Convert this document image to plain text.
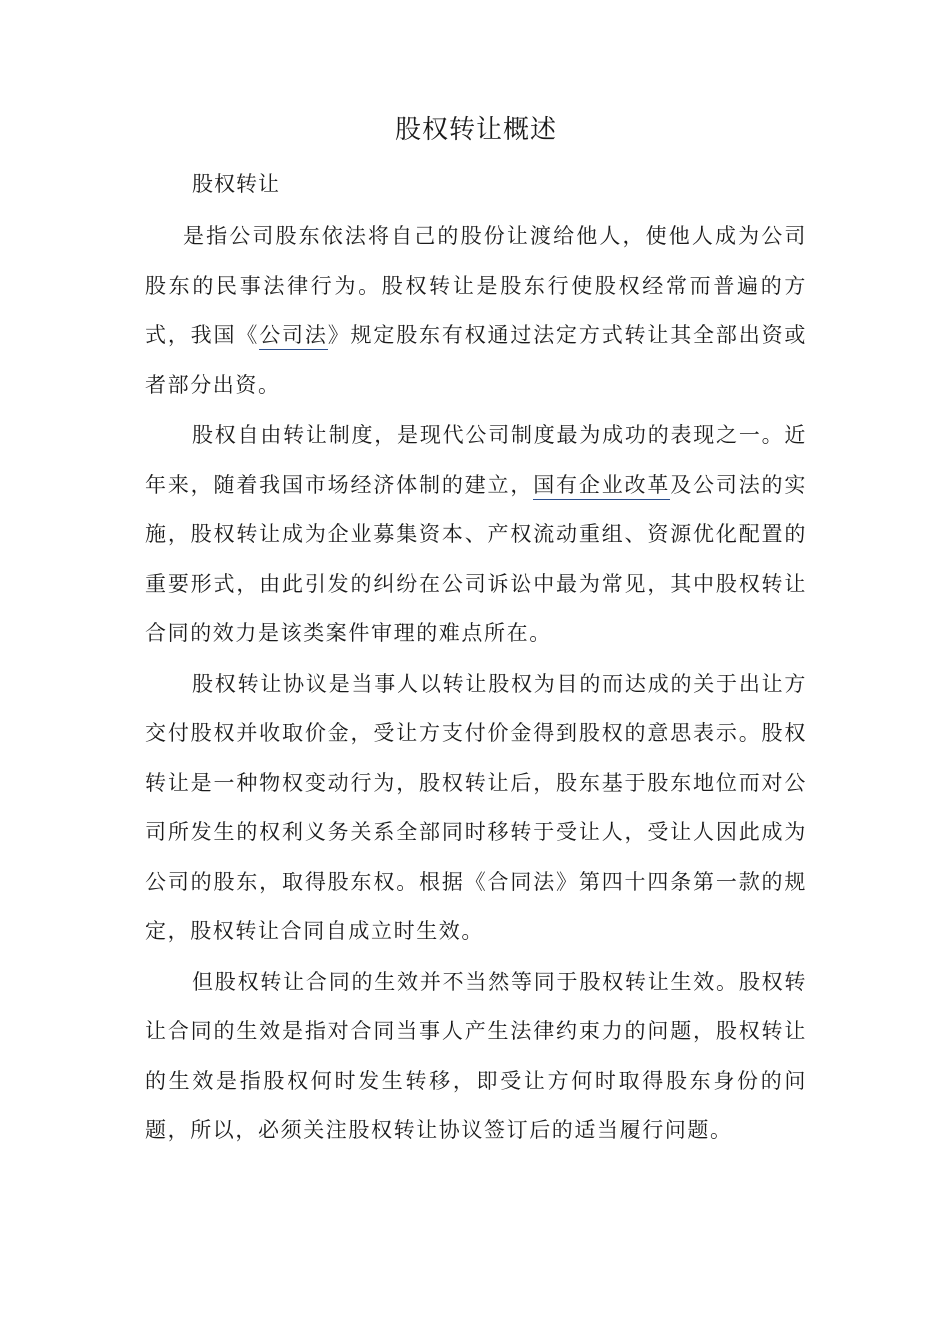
股权转让概述
股权转让

是指公司股东依法将自己的股份让渡给他人，使他人成为公司股东的民事法律行为。股权转让是股东行使股权经常而普遍的方式，我国《公司法》规定股东有权通过法定方式转让其全部出资或者部分出资。

股权自由转让制度，是现代公司制度最为成功的表现之一。近年来，随着我国市场经济体制的建立，国有企业改革及公司法的实施，股权转让成为企业募集资本、产权流动重组、资源优化配置的重要形式，由此引发的纠纷在公司诉讼中最为常见，其中股权转让合同的效力是该类案件审理的难点所在。

股权转让协议是当事人以转让股权为目的而达成的关于出让方交付股权并收取价金，受让方支付价金得到股权的意思表示。股权转让是一种物权变动行为，股权转让后，股东基于股东地位而对公司所发生的权利义务关系全部同时移转于受让人，受让人因此成为公司的股东，取得股东权。根据《合同法》第四十四条第一款的规定，股权转让合同自成立时生效。

但股权转让合同的生效并不当然等同于股权转让生效。股权转让合同的生效是指对合同当事人产生法律约束力的问题，股权转让的生效是指股权何时发生转移，即受让方何时取得股东身份的问题，所以，必须关注股权转让协议签订后的适当履行问题。
